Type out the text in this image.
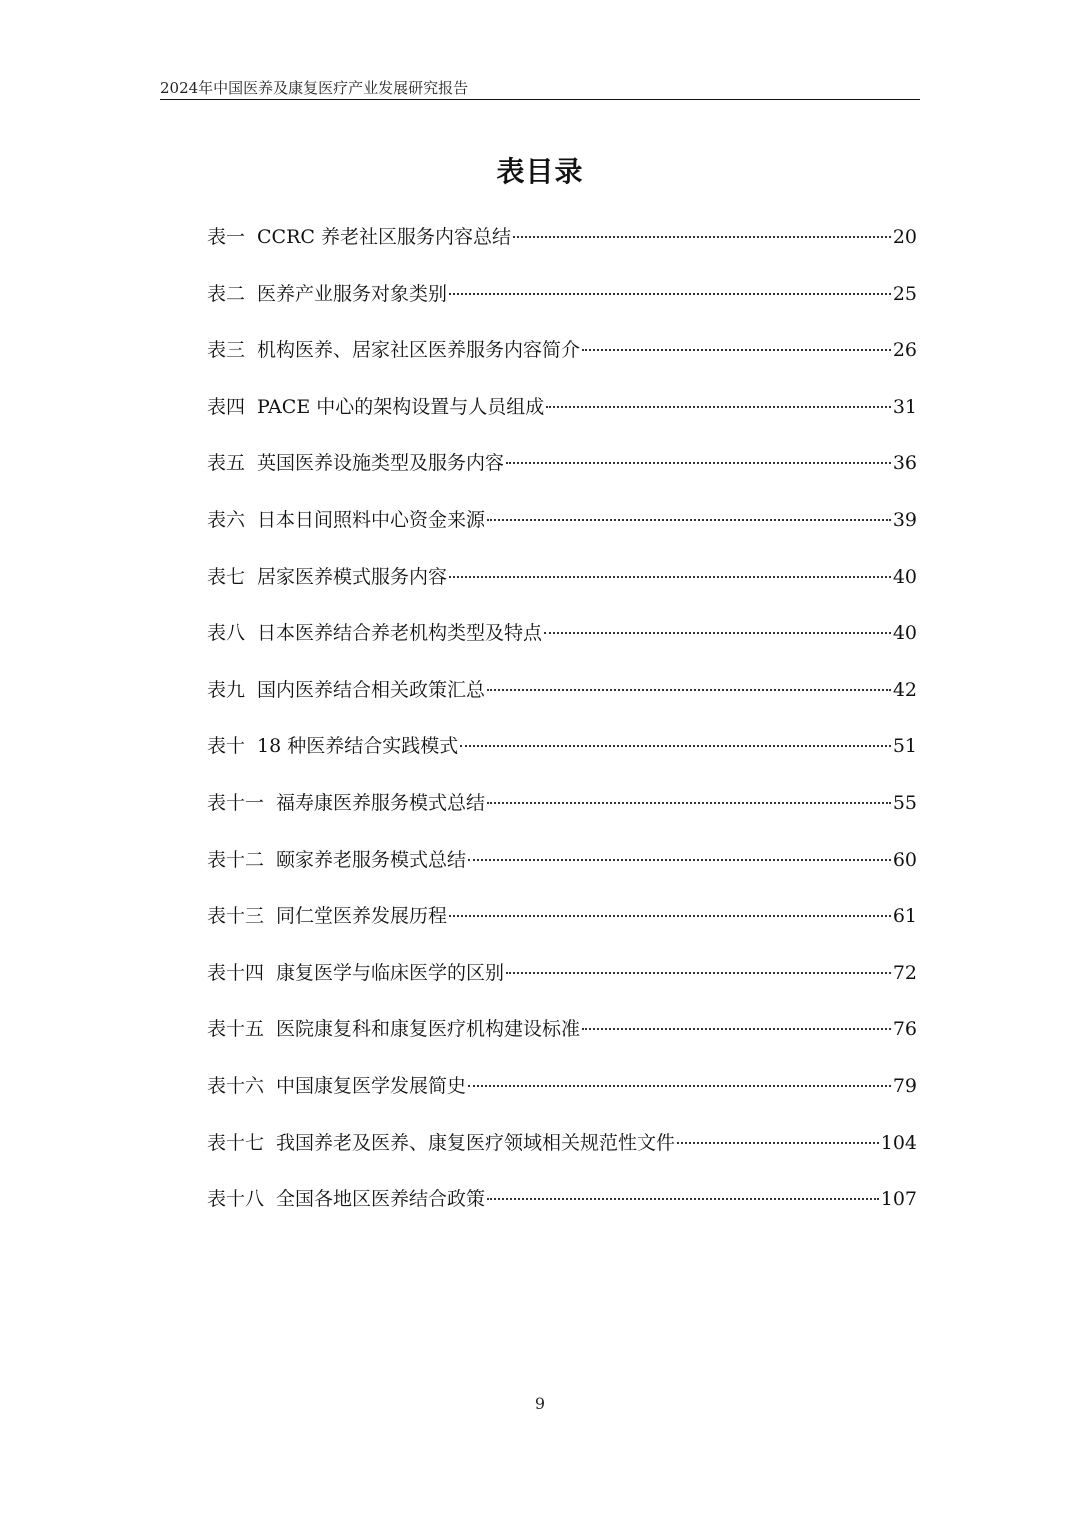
2024年中国医养及康复医疗产业发展研究报告
表目录
表一 CCRC 养老社区服务内容总结	20
表二 医养产业服务对象类别	25
表三 机构医养、居家社区医养服务内容简介	26
表四 PACE 中心的架构设置与人员组成	31
表五 英国医养设施类型及服务内容	36
表六 日本日间照料中心资金来源	39
表七 居家医养模式服务内容	40
表八 日本医养结合养老机构类型及特点	40
表九 国内医养结合相关政策汇总	42
表十 18 种医养结合实践模式	51
表十一 福寿康医养服务模式总结	55
表十二 颐家养老服务模式总结	60
表十三 同仁堂医养发展历程	61
表十四 康复医学与临床医学的区别	72
表十五 医院康复科和康复医疗机构建设标准	76
表十六 中国康复医学发展简史	79
表十七 我国养老及医养、康复医疗领域相关规范性文件	104
表十八 全国各地区医养结合政策	107
9
